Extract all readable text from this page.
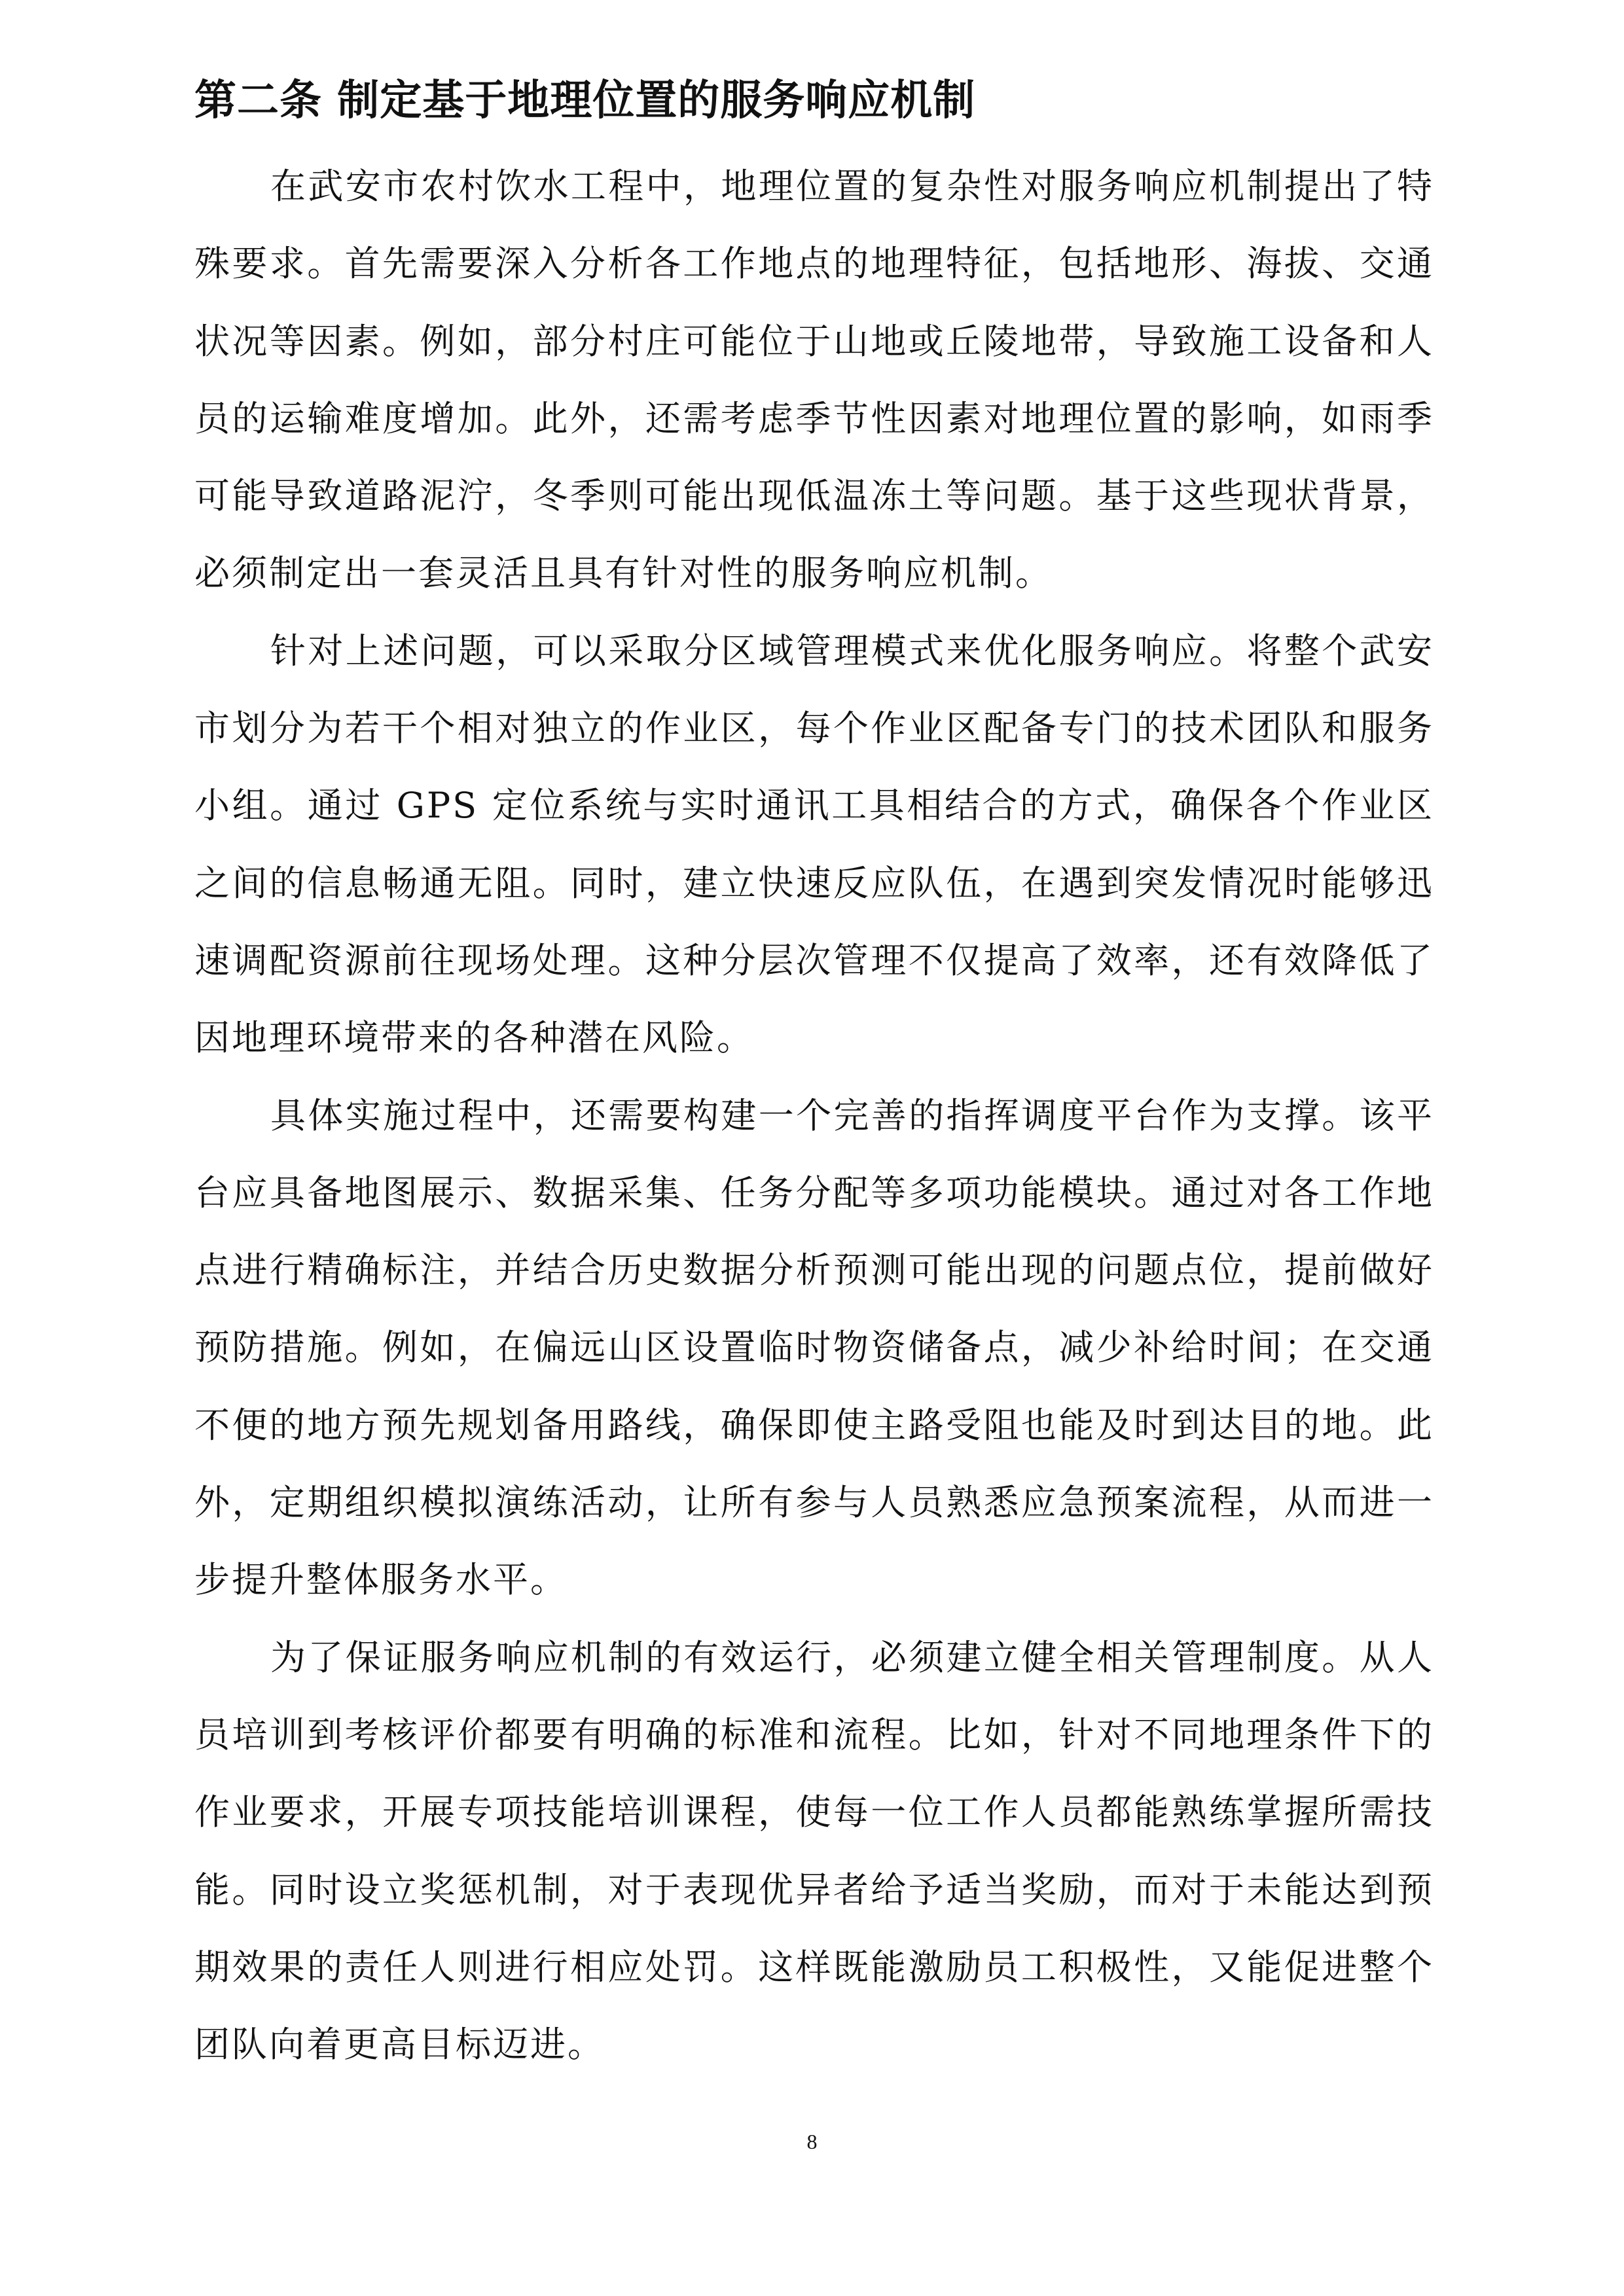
第二条 制定基于地理位置的服务响应机制

在武安市农村饮水工程中，地理位置的复杂性对服务响应机制提出了特殊要求。首先需要深入分析各工作地点的地理特征，包括地形、海拔、交通状况等因素。例如，部分村庄可能位于山地或丘陵地带，导致施工设备和人员的运输难度增加。此外，还需考虑季节性因素对地理位置的影响，如雨季可能导致道路泥泞，冬季则可能出现低温冻土等问题。基于这些现状背景，必须制定出一套灵活且具有针对性的服务响应机制。

针对上述问题，可以采取分区域管理模式来优化服务响应。将整个武安市划分为若干个相对独立的作业区，每个作业区配备专门的技术团队和服务小组。通过 GPS 定位系统与实时通讯工具相结合的方式，确保各个作业区之间的信息畅通无阻。同时，建立快速反应队伍，在遇到突发情况时能够迅速调配资源前往现场处理。这种分层次管理不仅提高了效率，还有效降低了因地理环境带来的各种潜在风险。

具体实施过程中，还需要构建一个完善的指挥调度平台作为支撑。该平台应具备地图展示、数据采集、任务分配等多项功能模块。通过对各工作地点进行精确标注，并结合历史数据分析预测可能出现的问题点位，提前做好预防措施。例如，在偏远山区设置临时物资储备点，减少补给时间；在交通不便的地方预先规划备用路线，确保即使主路受阻也能及时到达目的地。此外，定期组织模拟演练活动，让所有参与人员熟悉应急预案流程，从而进一步提升整体服务水平。

为了保证服务响应机制的有效运行，必须建立健全相关管理制度。从人员培训到考核评价都要有明确的标准和流程。比如，针对不同地理条件下的作业要求，开展专项技能培训课程，使每一位工作人员都能熟练掌握所需技能。同时设立奖惩机制，对于表现优异者给予适当奖励，而对于未能达到预期效果的责任人则进行相应处罚。这样既能激励员工积极性，又能促进整个团队向着更高目标迈进。

8
